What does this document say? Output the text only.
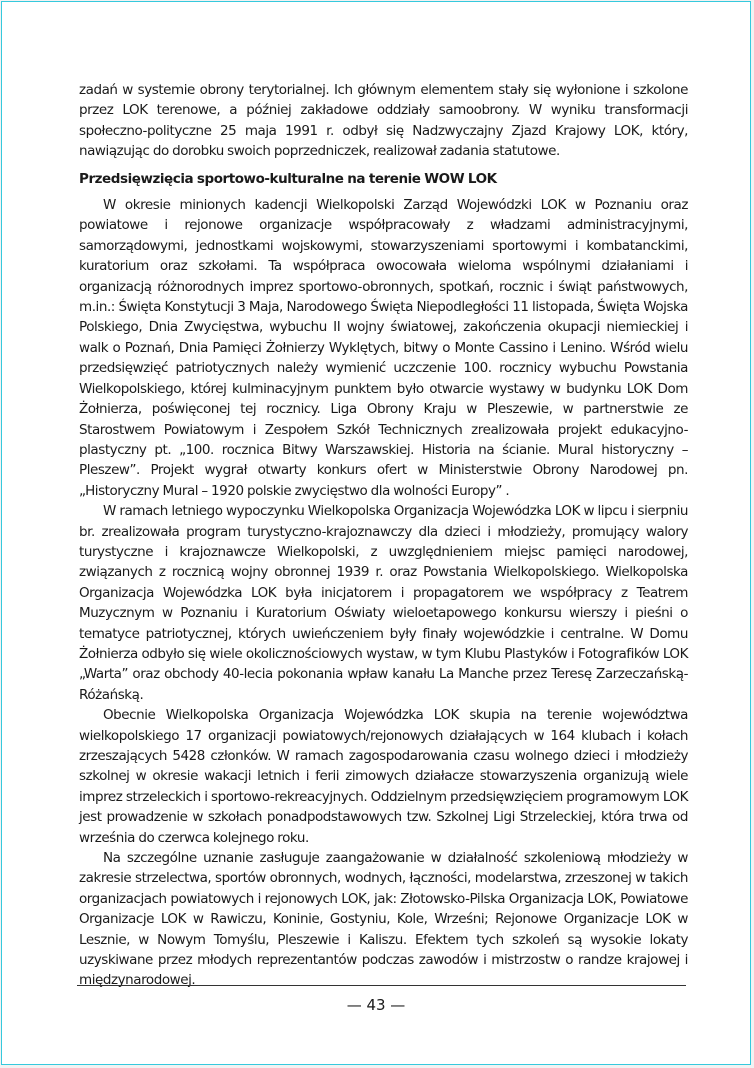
zadań w systemie obrony terytorialnej. Ich głównym elementem stały się wyłonione i szkolone przez LOK terenowe, a później zakładowe oddziały samoobrony. W wyniku transformacji społeczno-polityczne 25 maja 1991 r. odbył się Nadzwyczajny Zjazd Krajowy LOK, który, nawiązując do dorobku swoich poprzedniczek, realizował zadania statutowe.

Przedsięwzięcia sportowo-kulturalne na terenie WOW LOK

W okresie minionych kadencji Wielkopolski Zarząd Wojewódzki LOK w Poznaniu oraz powiatowe i rejonowe organizacje współpracowały z władzami administracyjnymi, samorządowymi, jednostkami wojskowymi, stowarzyszeniami sportowymi i kombatanckimi, kuratorium oraz szkołami. Ta współpraca owocowała wieloma wspólnymi działaniami i organizacją różnorodnych imprez sportowo-obronnych, spotkań, rocznic i świąt państwowych, m.in.: Święta Konstytucji 3 Maja, Narodowego Święta Niepodległości 11 listopada, Święta Wojska Polskiego, Dnia Zwycięstwa, wybuchu II wojny światowej, zakończenia okupacji niemieckiej i walk o Poznań, Dnia Pamięci Żołnierzy Wyklętych, bitwy o Monte Cassino i Lenino. Wśród wielu przedsięwzięć patriotycznych należy wymienić uczczenie 100. rocznicy wybuchu Powstania Wielkopolskiego, której kulminacyjnym punktem było otwarcie wystawy w budynku LOK Dom Żołnierza, poświęconej tej rocznicy. Liga Obrony Kraju w Pleszewie, w partnerstwie ze Starostwem Powiatowym i Zespołem Szkół Technicznych zrealizowała projekt edukacyjno-plastyczny pt. „100. rocznica Bitwy Warszawskiej. Historia na ścianie. Mural historyczny – Pleszew”. Projekt wygrał otwarty konkurs ofert w Ministerstwie Obrony Narodowej pn. „Historyczny Mural – 1920 polskie zwycięstwo dla wolności Europy” .

W ramach letniego wypoczynku Wielkopolska Organizacja Wojewódzka LOK w lipcu i sierpniu br. zrealizowała program turystyczno-krajoznawczy dla dzieci i młodzieży, promujący walory turystyczne i krajoznawcze Wielkopolski, z uwzględnieniem miejsc pamięci narodowej, związanych z rocznicą wojny obronnej 1939 r. oraz Powstania Wielkopolskiego. Wielkopolska Organizacja Wojewódzka LOK była inicjatorem i propagatorem we współpracy z Teatrem Muzycznym w Poznaniu i Kuratorium Oświaty wieloetapowego konkursu wierszy i pieśni o tematyce patriotycznej, których uwieńczeniem były finały wojewódzkie i centralne. W Domu Żołnierza odbyło się wiele okolicznościowych wystaw, w tym Klubu Plastyków i Fotografików LOK „Warta” oraz obchody 40-lecia pokonania wpław kanału La Manche przez Teresę Zarzeczańską-Różańską.

Obecnie Wielkopolska Organizacja Wojewódzka LOK skupia na terenie województwa wielkopolskiego 17 organizacji powiatowych/rejonowych działających w 164 klubach i kołach zrzeszających 5428 członków. W ramach zagospodarowania czasu wolnego dzieci i młodzieży szkolnej w okresie wakacji letnich i ferii zimowych działacze stowarzyszenia organizują wiele imprez strzeleckich i sportowo-rekreacyjnych. Oddzielnym przedsięwzięciem programowym LOK jest prowadzenie w szkołach ponadpodstawowych tzw. Szkolnej Ligi Strzeleckiej, która trwa od września do czerwca kolejnego roku.

Na szczególne uznanie zasługuje zaangażowanie w działalność szkoleniową młodzieży w zakresie strzelectwa, sportów obronnych, wodnych, łączności, modelarstwa, zrzeszonej w takich organizacjach powiatowych i rejonowych LOK, jak: Złotowsko-Pilska Organizacja LOK, Powiatowe Organizacje LOK w Rawiczu, Koninie, Gostyniu, Kole, Wrześni; Rejonowe Organizacje LOK w Lesznie, w Nowym Tomyślu, Pleszewie i Kaliszu. Efektem tych szkoleń są wysokie lokaty uzyskiwane przez młodych reprezentantów podczas zawodów i mistrzostw o randze krajowej i międzynarodowej.

— 43 —
